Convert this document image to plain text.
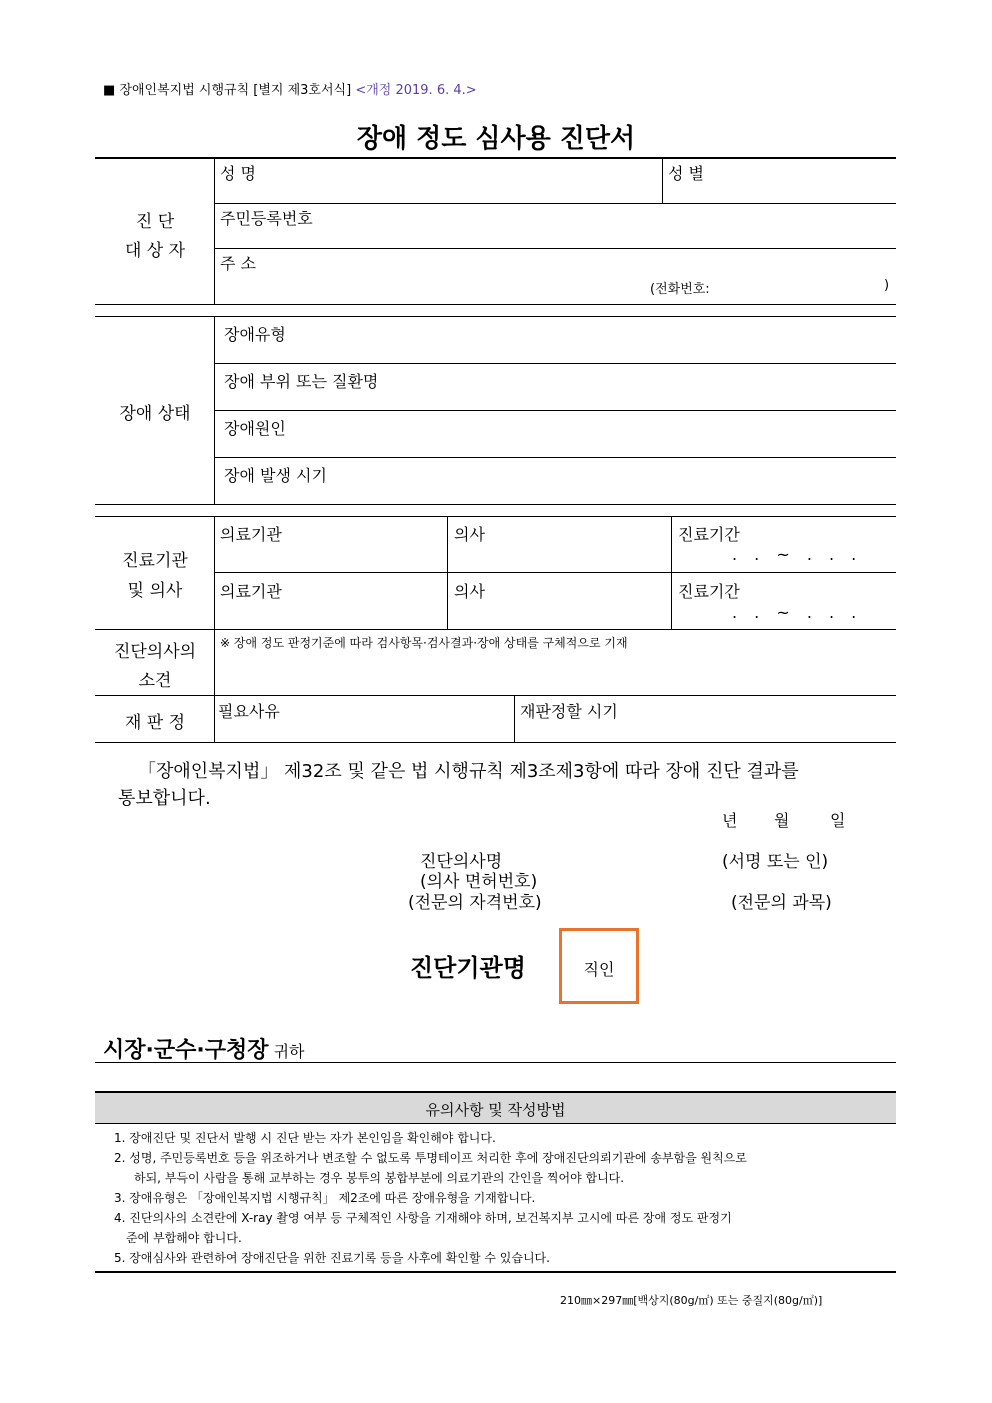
■ 장애인복지법 시행규칙 [별지 제3호서식] <개정 2019. 6. 4.>
장애 정도 심사용 진단서
진 단
대 상 자
성 명	성 별
주민등록번호
주 소
(전화번호:	)
장애 상태
장애유형
장애 부위 또는 질환명
장애원인
장애 발생 시기
진료기관
및 의사
의료기관	의사	진료기간
. . ~ . . .
의료기관	의사	진료기간
. . ~ . . .
진단의사의
소견
※ 장애 정도 판정기준에 따라 검사항목·검사결과·장애 상태를 구체적으로 기재
재 판 정
필요사유	재판정할 시기
「장애인복지법」 제32조 및 같은 법 시행규칙 제3조제3항에 따라 장애 진단 결과를
통보합니다.
년 월	일
진단의사명
(의사 면허번호)
(전문의 자격번호)
(서명 또는 인)
(전문의 과목)
진단기관명	직인
시장·군수·구청장 귀하
유의사항 및 작성방법
1. 장애진단 및 진단서 발행 시 진단 받는 자가 본인임을 확인해야 합니다.
2. 성명, 주민등록번호 등을 위조하거나 변조할 수 없도록 투명테이프 처리한 후에 장애진단의뢰기관에 송부함을 원칙으로
하되, 부득이 사람을 통해 교부하는 경우 봉투의 봉합부분에 의료기관의 간인을 찍어야 합니다.
3. 장애유형은 「장애인복지법 시행규칙」 제2조에 따른 장애유형을 기재합니다.
4. 진단의사의 소견란에 X-ray 촬영 여부 등 구체적인 사항을 기재해야 하며, 보건복지부 고시에 따른 장애 정도 판정기
준에 부합해야 합니다.
5. 장애심사와 관련하여 장애진단을 위한 진료기록 등을 사후에 확인할 수 있습니다.
210㎜×297㎜[백상지(80g/㎡) 또는 중질지(80g/㎡)]
